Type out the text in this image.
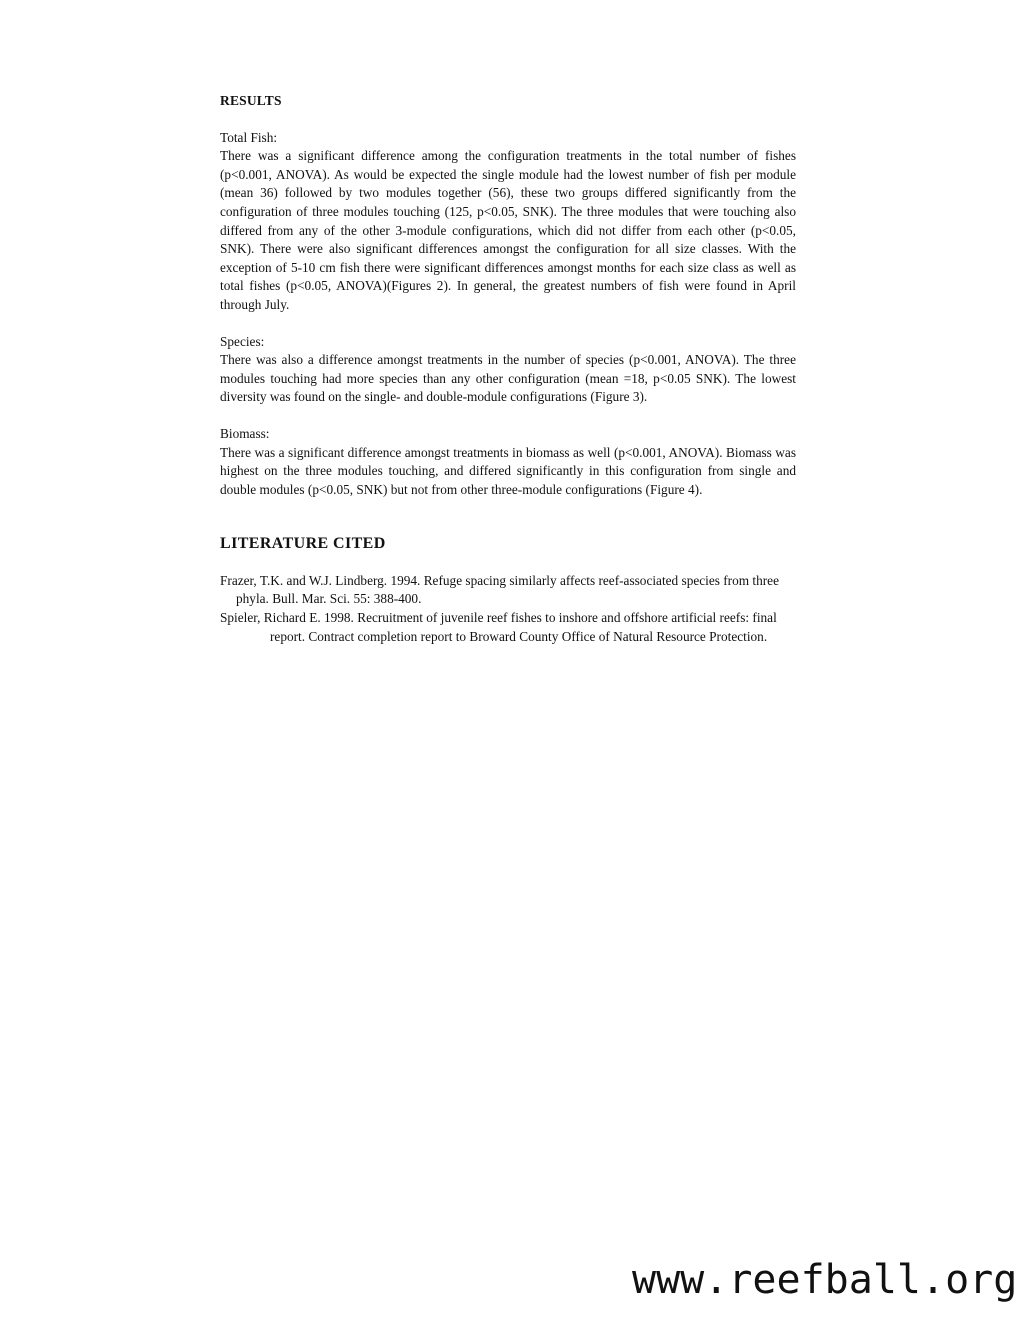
RESULTS

Total Fish:

There was a significant difference among the configuration treatments in the total number of fishes (p<0.001, ANOVA). As would be expected the single module had the lowest number of fish per module (mean 36) followed by two modules together (56), these two groups differed significantly from the configuration of three modules touching (125, p<0.05, SNK). The three modules that were touching also differed from any of the other 3-module configurations, which did not differ from each other (p<0.05, SNK). There were also significant differences amongst the configuration for all size classes. With the exception of 5-10 cm fish there were significant differences amongst months for each size class as well as total fishes (p<0.05, ANOVA)(Figures 2). In general, the greatest numbers of fish were found in April through July.

Species:

There was also a difference amongst treatments in the number of species (p<0.001, ANOVA). The three modules touching had more species than any other configuration (mean =18, p<0.05 SNK). The lowest diversity was found on the single- and double-module configurations (Figure 3).

Biomass:

There was a significant difference amongst treatments in biomass as well (p<0.001, ANOVA). Biomass was highest on the three modules touching, and differed significantly in this configuration from single and double modules (p<0.05, SNK) but not from other three-module configurations (Figure 4).

LITERATURE CITED

Frazer, T.K. and W.J. Lindberg. 1994. Refuge spacing similarly affects reef-associated species from three phyla. Bull. Mar. Sci. 55: 388-400.

Spieler, Richard E. 1998. Recruitment of juvenile reef fishes to inshore and offshore artificial reefs: final report. Contract completion report to Broward County Office of Natural Resource Protection.

www.reefball.org
